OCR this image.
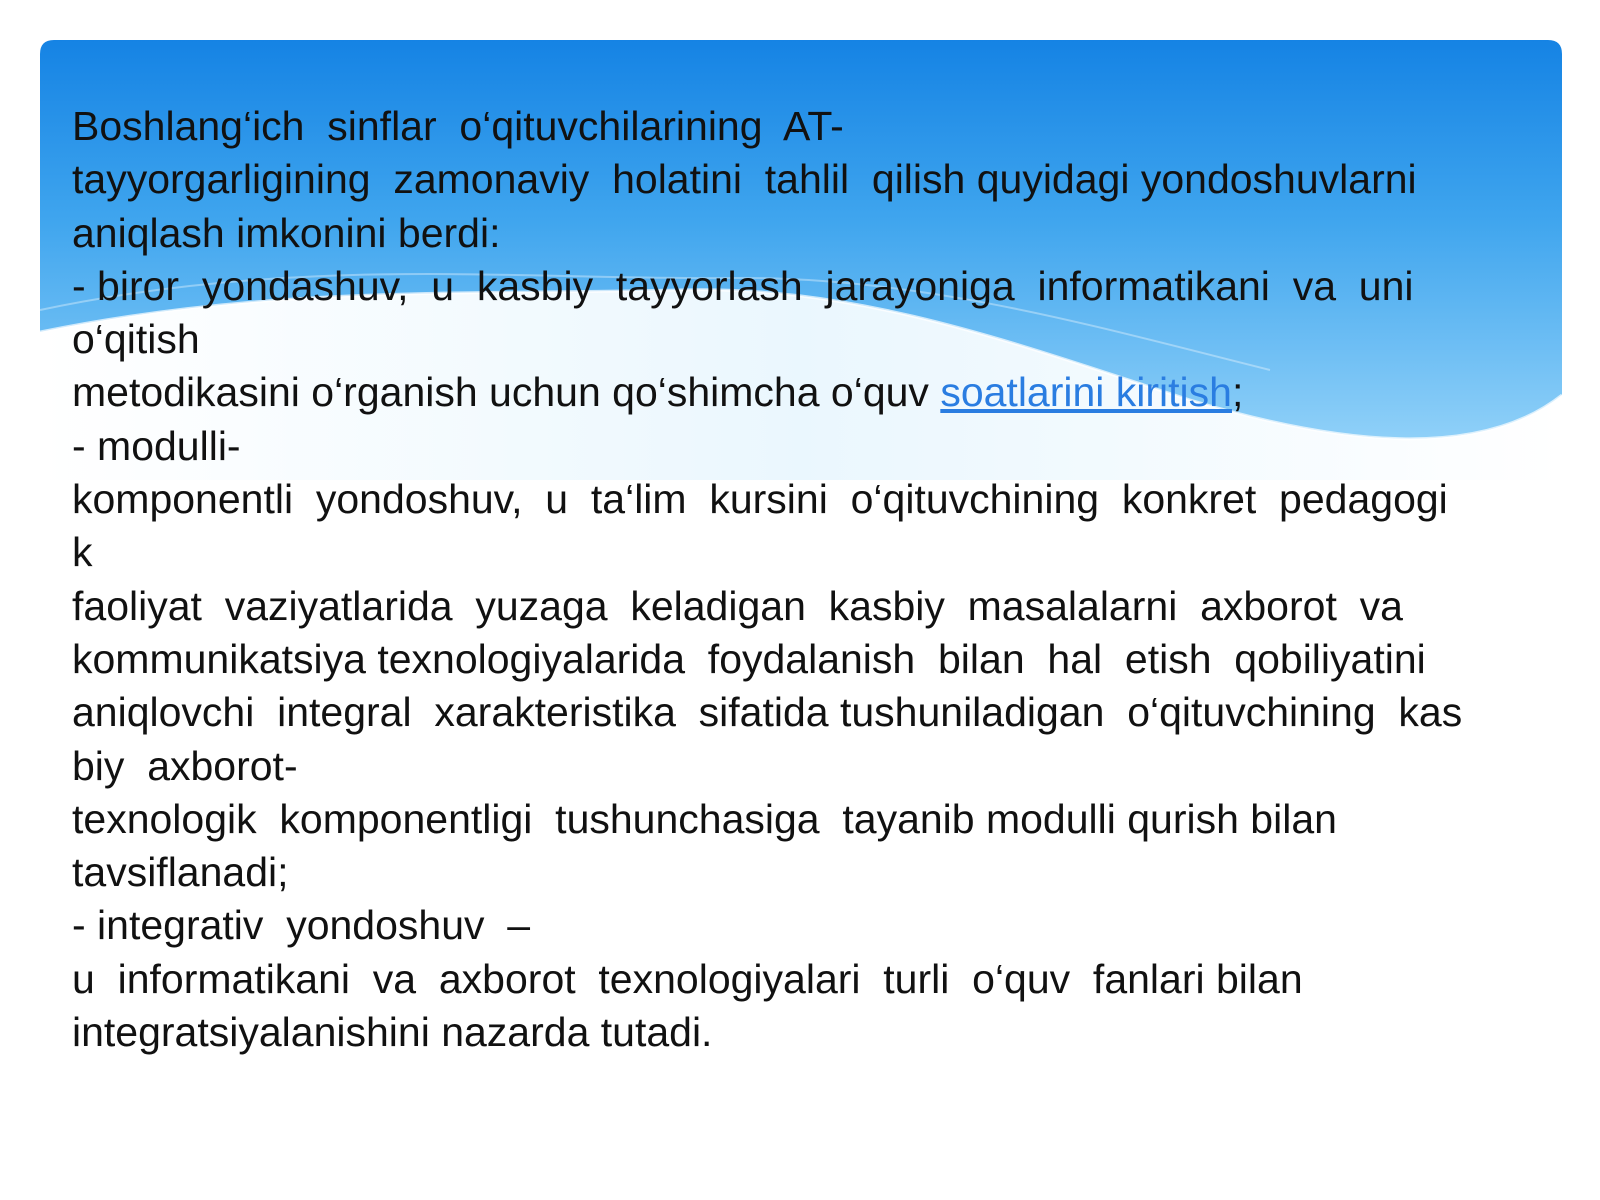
Boshlang‘ich  sinflar  o‘qituvchilarining  AT-
tayyorgarligining  zamonaviy  holatini  tahlil  qilish quyidagi yondoshuvlarni
aniqlash imkonini berdi:
- biror  yondashuv,  u  kasbiy  tayyorlash  jarayoniga  informatikani  va  uni
o‘qitish
metodikasini o‘rganish uchun qo‘shimcha o‘quv soatlarini kiritish;
- modulli-
komponentli  yondoshuv,  u  ta‘lim  kursini  o‘qituvchining  konkret  pedagogi
k
faoliyat  vaziyatlarida  yuzaga  keladigan  kasbiy  masalalarni  axborot  va
kommunikatsiya texnologiyalarida  foydalanish  bilan  hal  etish  qobiliyatini
aniqlovchi  integral  xarakteristika  sifatida tushuniladigan  o‘qituvchining  kas
biy  axborot-
texnologik  komponentligi  tushunchasiga  tayanib modulli qurish bilan
tavsiflanadi;
- integrativ  yondoshuv  –
u  informatikani  va  axborot  texnologiyalari  turli  o‘quv  fanlari bilan
integratsiyalanishini nazarda tutadi.
